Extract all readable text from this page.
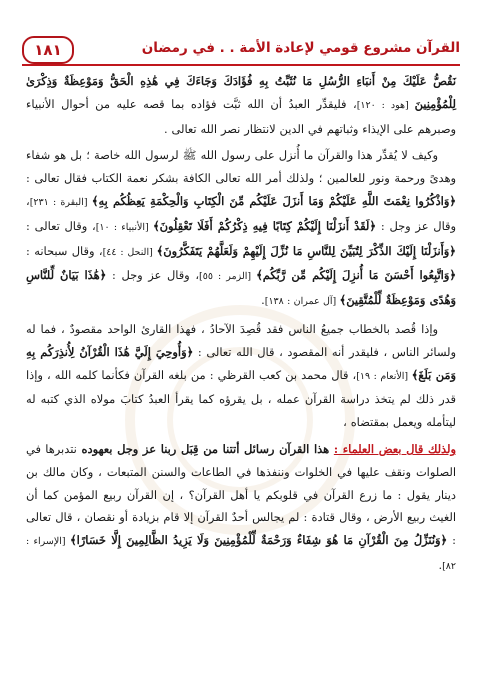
القرآن مشروع قومي لإعادة الأمة . . في رمضان
١٨١

نَقُصُّ عَلَيْكَ مِنْ أَنبَاءِ الرُّسُلِ مَا نُثَبِّتُ بِهِ فُؤَادَكَ وَجَاءَكَ فِي هَٰذِهِ الْحَقُّ وَمَوْعِظَةٌ وَذِكْرَىٰ لِلْمُؤْمِنِينَ [هود : ١٢٠]، فليقدِّر العبدُ أن الله ثبَّت فؤاده بما قصه عليه من أحوال الأنبياء وصبرهم على الإيذاء وثباتهم في الدين لانتظار نصر الله تعالى .

وكيف لا يُقدِّر هذا والقرآن ما أُنزل على رسول الله ﷺ لرسول الله خاصة ؛ بل هو شفاء وهدىً ورحمة ونور للعالمين ؛ ولذلك أمر الله تعالى الكافة بشكر نعمة الكتاب فقال تعالى : ﴿وَاذْكُرُوا نِعْمَتَ اللَّهِ عَلَيْكُمْ وَمَا أَنزَلَ عَلَيْكُم مِّنَ الْكِتَابِ وَالْحِكْمَةِ يَعِظُكُم بِهِ﴾ [البقرة : ٢٣١]، وقال عز وجل : ﴿لَقَدْ أَنزَلْنَا إِلَيْكُمْ كِتَابًا فِيهِ ذِكْرُكُمْ أَفَلَا تَعْقِلُونَ﴾ [الأنبياء : ١٠]، وقال تعالى : ﴿وَأَنزَلْنَا إِلَيْكَ الذِّكْرَ لِتُبَيِّنَ لِلنَّاسِ مَا نُزِّلَ إِلَيْهِمْ وَلَعَلَّهُمْ يَتَفَكَّرُونَ﴾ [النحل : ٤٤]، وقال سبحانه : ﴿وَاتَّبِعُوا أَحْسَنَ مَا أُنزِلَ إِلَيْكُم مِّن رَّبِّكُم﴾ [الزمر : ٥٥]، وقال عز وجل : ﴿هَٰذَا بَيَانٌ لِّلنَّاسِ وَهُدًى وَمَوْعِظَةٌ لِّلْمُتَّقِينَ﴾ [آل عمران : ١٣٨].

وإذا قُصد بالخطاب جميعُ الناس فقد قُصِدَ الآحادُ ، فهذا القارئ الواحد مقصودٌ ، فما له ولسائر الناس ، فليقدر أنه المقصود ، قال الله تعالى : ﴿وَأُوحِيَ إِلَيَّ هَٰذَا الْقُرْآنُ لِأُنذِرَكُم بِهِ وَمَن بَلَغَ﴾ [الأنعام : ١٩]، قال محمد بن كعب القرظي : من بلغه القرآن فكأنما كلمه الله ، وإذا قدر ذلك لم يتخذ دراسة القرآن عمله ، بل يقرؤه كما يقرأ العبدُ كتابَ مولاه الذي كتبه له ليتأمله ويعمل بمقتضاه ،

ولذلك قال بعض العلماء : هذا القرآن رسائل أتتنا من قِبَل ربنا عز وجل بعهوده نتدبرها في الصلوات ونقف عليها في الخلوات وننفذها في الطاعات والسنن المتبعات ، وكان مالك بن دينار يقول : ما زرع القرآن في قلوبكم يا أهل القرآن؟ ، إن القرآن ربيع المؤمن كما أن الغيث ربيع الأرض ، وقال قتادة : لم يجالس أحدٌ القرآن إلا قام بزيادة أو نقصان ، قال تعالى : ﴿وَنُنَزِّلُ مِنَ الْقُرْآنِ مَا هُوَ شِفَاءٌ وَرَحْمَةٌ لِّلْمُؤْمِنِينَ وَلَا يَزِيدُ الظَّالِمِينَ إِلَّا خَسَارًا﴾ [الإسراء : ٨٢].
